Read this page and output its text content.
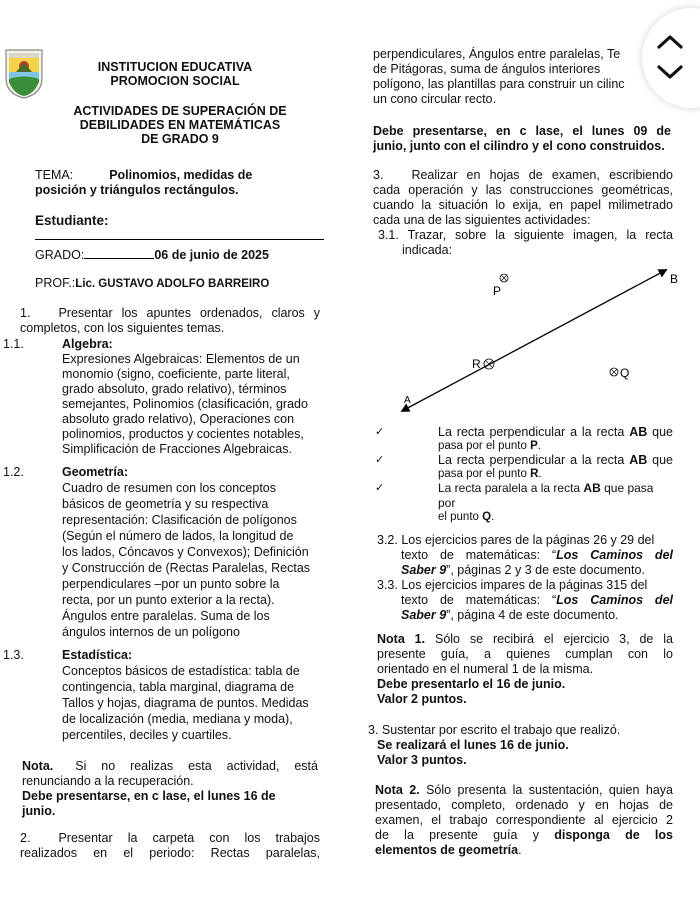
INSTITUCION EDUCATIVA
PROMOCION SOCIAL
ACTIVIDADES DE SUPERACIÓN DE
DEBILIDADES EN MATEMÁTICAS
DE GRADO 9
TEMA:	Polinomios, medidas de
posición y triángulos rectángulos.
Estudiante:
GRADO:	06 de junio de 2025
PROF.:Lic. GUSTAVO ADOLFO BARREIRO
1. Presentar los apuntes ordenados, claros y
completos, con los siguientes temas.
1.1.	Algebra:
Expresiones Algebraicas: Elementos de un
monomio (signo, coeficiente, parte literal,
grado absoluto, grado relativo), términos
semejantes, Polinomios (clasificación, grado
absoluto grado relativo), Operaciones con
polinomios, productos y cocientes notables,
Simplificación de Fracciones Algebraicas.
1.2.	Geometría:
Cuadro de resumen con los conceptos
básicos de geometría y su respectiva
representación: Clasificación de polígonos
(Según el número de lados, la longitud de
los lados, Cóncavos y Convexos); Definición
y Construcción de (Rectas Paralelas, Rectas
perpendiculares –por un punto sobre la
recta, por un punto exterior a la recta).
Ángulos entre paralelas. Suma de los
ángulos internos de un polígono
1.3.	Estadística:
Conceptos básicos de estadística: tabla de
contingencia, tabla marginal, diagrama de
Tallos y hojas, diagrama de puntos. Medidas
de localización (media, mediana y moda),
percentiles, deciles y cuartiles.
Nota. Si no realizas esta actividad, está
renunciando a la recuperación.
Debe presentarse, en c lase, el lunes 16 de
junio.
2. Presentar la carpeta con los trabajos
realizados en el periodo: Rectas paralelas,
perpendiculares, Ángulos entre paralelas, Te
de Pitágoras, suma de ángulos interiores
polígono, las plantillas para construir un cilinc
un cono circular recto.
Debe presentarse, en c lase, el lunes 09 de
junio, junto con el cilindro y el cono construidos.
3. Realizar en hojas de examen, escribiendo
cada operación y las construcciones geométricas,
cuando la situación lo exija, en papel milimetrado
cada una de las siguientes actividades:
3.1. Trazar, sobre la siguiente imagen, la recta
indicada:
P
R
Q
B
A
✓	La recta perpendicular a la recta AB que
pasa por el punto P.
✓	La recta perpendicular a la recta AB que
pasa por el punto R.
✓	La recta paralela a la recta AB que pasa por
el punto Q.
3.2. Los ejercicios pares de la páginas 26 y 29 del
texto de matemáticas: “Los Caminos del
Saber 9”, páginas 2 y 3 de este documento.
3.3. Los ejercicios impares de la páginas 315 del
texto de matemáticas: “Los Caminos del
Saber 9”, página 4 de este documento.
Nota 1. Sólo se recibirá el ejercicio 3, de la
presente guía, a quienes cumplan con lo
orientado en el numeral 1 de la misma.
Debe presentarlo el 16 de junio.
Valor 2 puntos.
3. Sustentar por escrito el trabajo que realizó.
Se realizará el lunes 16 de junio.
Valor 3 puntos.
Nota 2. Sólo presenta la sustentación, quien haya
presentado, completo, ordenado y en hojas de
examen, el trabajo correspondiente al ejercicio 2
de la presente guía y disponga de los
elementos de geometría.
